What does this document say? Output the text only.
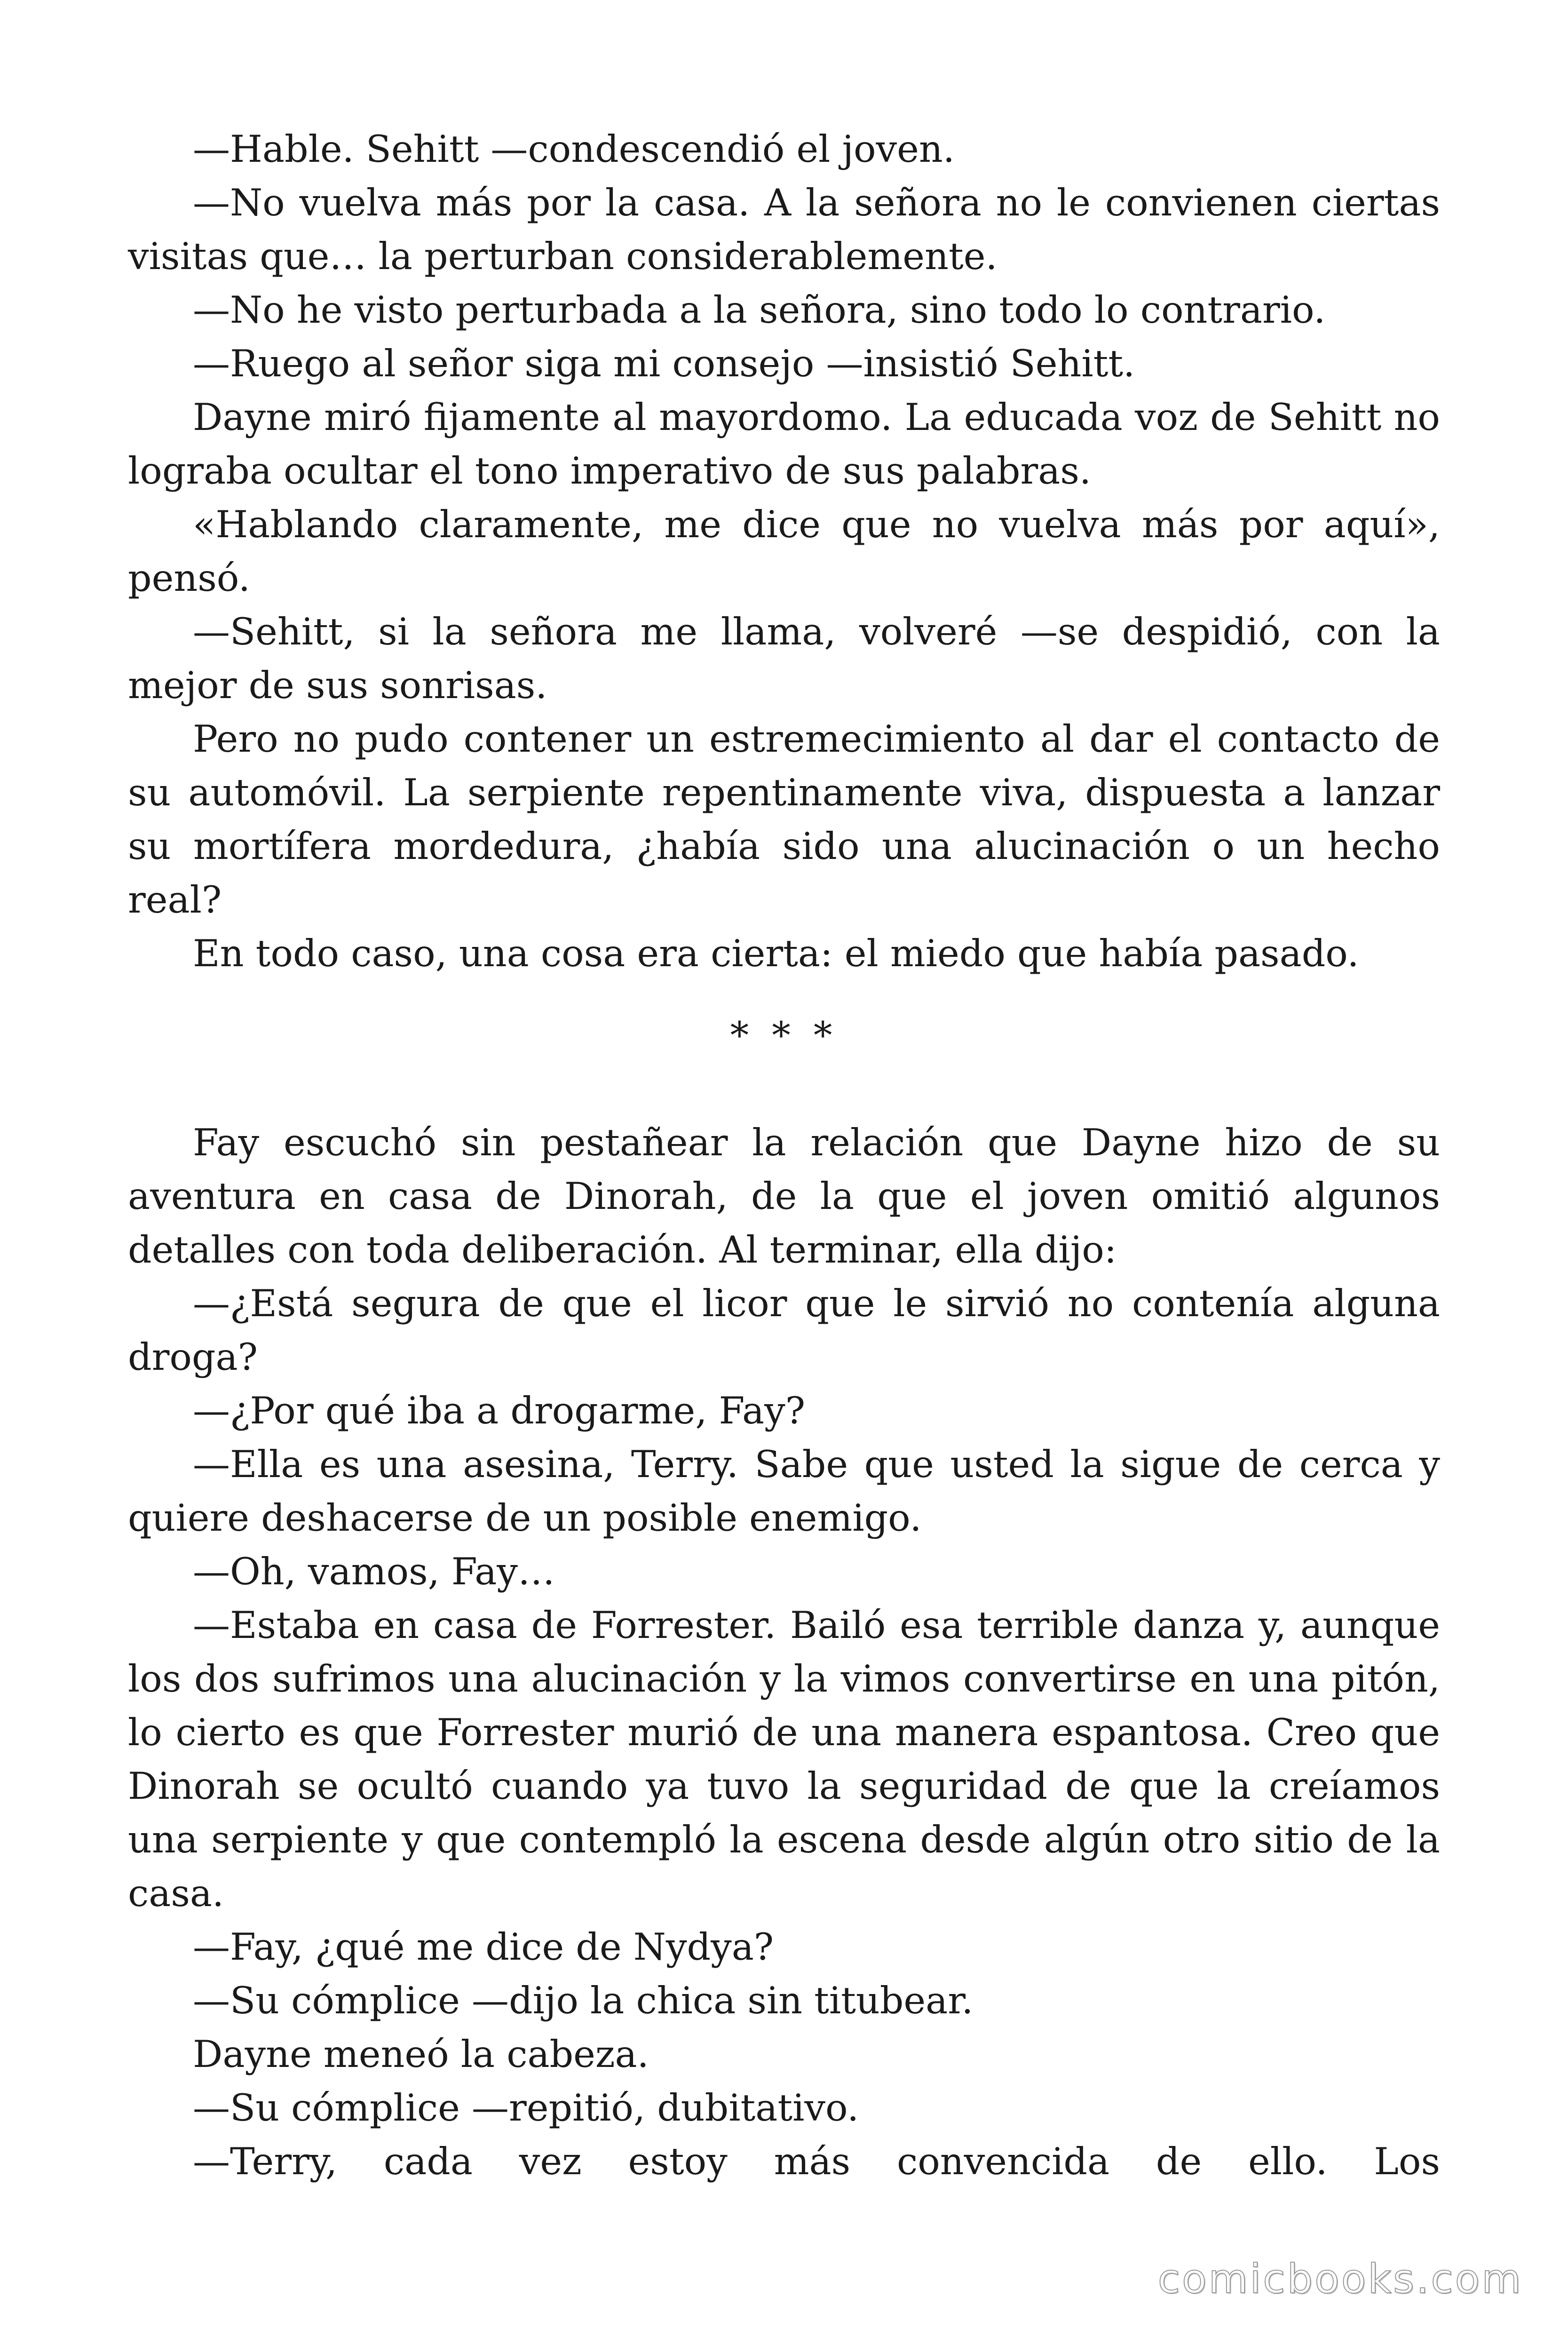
—Hable. Sehitt —condescendió el joven.

—No vuelva más por la casa. A la señora no le convienen ciertas visitas que… la perturban considerablemente.

—No he visto perturbada a la señora, sino todo lo contrario.

—Ruego al señor siga mi consejo —insistió Sehitt.

Dayne miró fijamente al mayordomo. La educada voz de Sehitt no lograba ocultar el tono imperativo de sus palabras.

«Hablando claramente, me dice que no vuelva más por aquí», pensó.

—Sehitt, si la señora me llama, volveré —se despidió, con la mejor de sus sonrisas.

Pero no pudo contener un estremecimiento al dar el contacto de su automóvil. La serpiente repentinamente viva, dispuesta a lanzar su mortífera mordedura, ¿había sido una alucinación o un hecho real?

En todo caso, una cosa era cierta: el miedo que había pasado.

* * *

Fay escuchó sin pestañear la relación que Dayne hizo de su aventura en casa de Dinorah, de la que el joven omitió algunos detalles con toda deliberación. Al terminar, ella dijo:

—¿Está segura de que el licor que le sirvió no contenía alguna droga?

—¿Por qué iba a drogarme, Fay?

—Ella es una asesina, Terry. Sabe que usted la sigue de cerca y quiere deshacerse de un posible enemigo.

—Oh, vamos, Fay…

—Estaba en casa de Forrester. Bailó esa terrible danza y, aunque los dos sufrimos una alucinación y la vimos convertirse en una pitón, lo cierto es que Forrester murió de una manera espantosa. Creo que Dinorah se ocultó cuando ya tuvo la seguridad de que la creíamos una serpiente y que contempló la escena desde algún otro sitio de la casa.

—Fay, ¿qué me dice de Nydya?

—Su cómplice —dijo la chica sin titubear.

Dayne meneó la cabeza.

—Su cómplice —repitió, dubitativo.

—Terry, cada vez estoy más convencida de ello. Los

comicbooks.com
